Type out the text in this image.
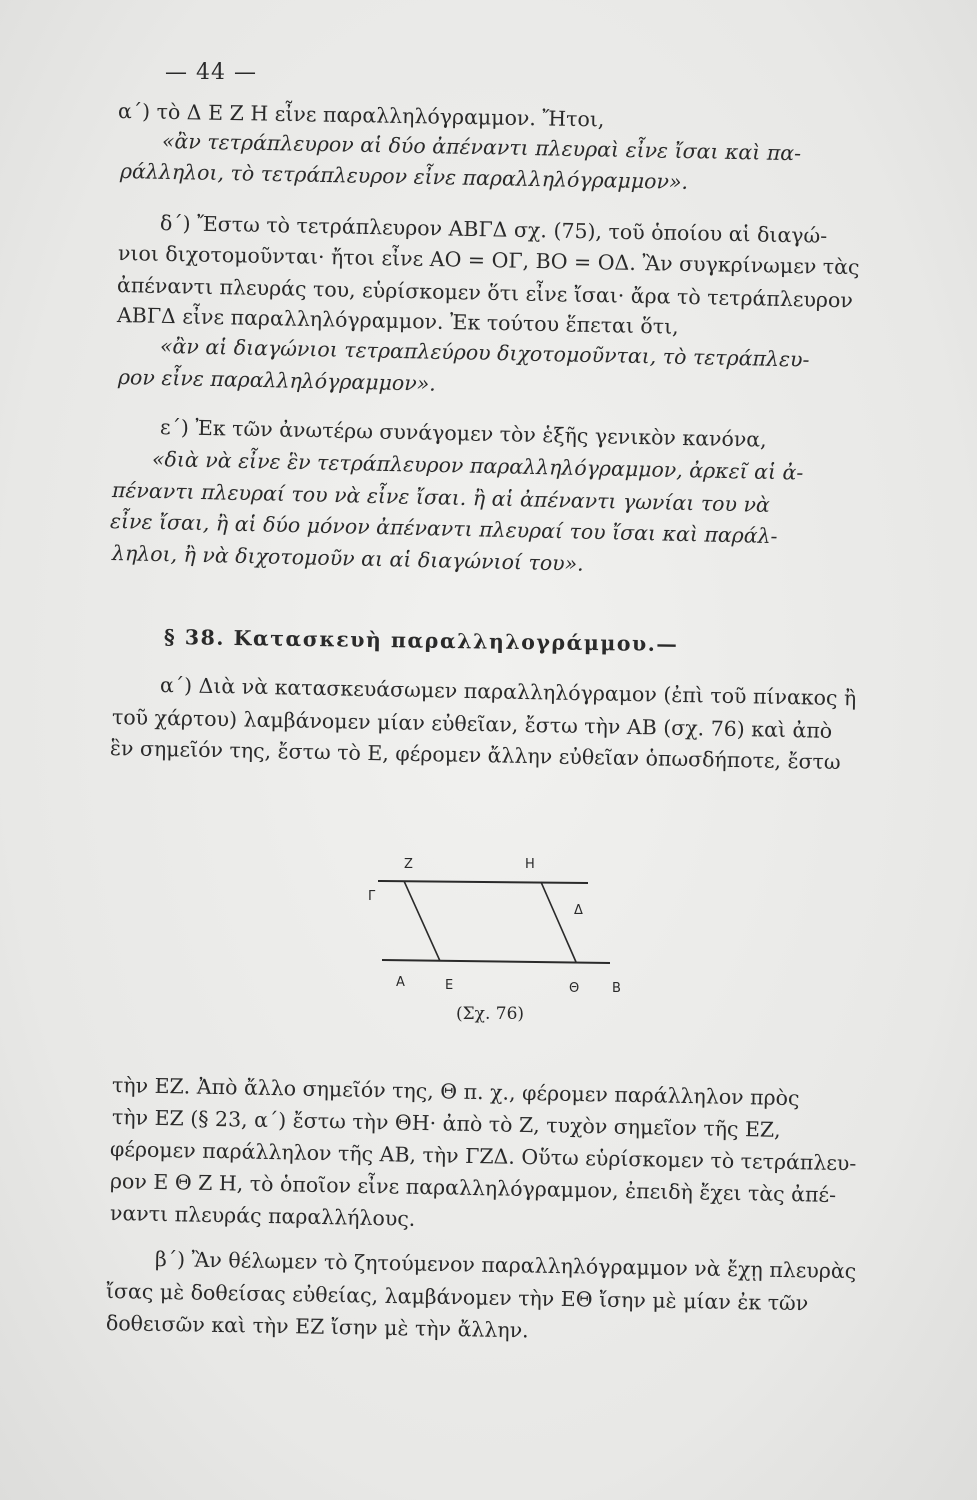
— 44 —
α΄) τὸ Δ Ε Ζ Η εἶνε παραλληλόγραμμον. Ἤτοι,
«ἂν τετράπλευρον αἱ δύο ἀπέναντι πλευραὶ εἶνε ἴσαι καὶ πα-
ράλληλοι, τὸ τετράπλευρον εἶνε παραλληλόγραμμον».
δ΄) Ἔστω τὸ τετράπλευρον ΑΒΓΔ σχ. (75), τοῦ ὁποίου αἱ διαγώ-
νιοι διχοτομοῦνται· ἤτοι εἶνε ΑΟ = ΟΓ, ΒΟ = ΟΔ. Ἂν συγκρίνωμεν τὰς
ἀπέναντι πλευράς του, εὑρίσκομεν ὅτι εἶνε ἴσαι· ἄρα τὸ τετράπλευρον
ΑΒΓΔ εἶνε παραλληλόγραμμον. Ἐκ τούτου ἕπεται ὅτι,
«ἂν αἱ διαγώνιοι τετραπλεύρου διχοτομοῦνται, τὸ τετράπλευ-
ρον εἶνε παραλληλόγραμμον».
ε΄) Ἐκ τῶν ἀνωτέρω συνάγομεν τὸν ἑξῆς γενικὸν κανόνα,
«διὰ νὰ εἶνε ἓν τετράπλευρον παραλληλόγραμμον, ἀρκεῖ αἱ ἀ-
πέναντι πλευραί του νὰ εἶνε ἴσαι. ἢ αἱ ἀπέναντι γωνίαι του νὰ
εἶνε ἴσαι, ἢ αἱ δύο μόνον ἀπέναντι πλευραί του ἴσαι καὶ παράλ-
ληλοι, ἢ νὰ διχοτομοῦν αι αἱ διαγώνιοί του».
§ 38. Κατασκευὴ παραλληλογράμμου.—
α΄) Διὰ νὰ κατασκευάσωμεν παραλληλόγραμον (ἐπὶ τοῦ πίνακος ἢ
τοῦ χάρτου) λαμβάνομεν μίαν εὐθεῖαν, ἔστω τὴν ΑΒ (σχ. 76) καὶ ἀπὸ
ἓν σημεῖόν της, ἔστω τὸ Ε, φέρομεν ἄλλην εὐθεῖαν ὁπωσδήποτε, ἔστω
Z	H
Γ
Δ
A	E	Θ	B
(Σχ. 76)
τὴν ΕΖ. Ἀπὸ ἄλλο σημεῖόν της, Θ π. χ., φέρομεν παράλληλον πρὸς
τὴν ΕΖ (§ 23, α΄) ἔστω τὴν ΘΗ· ἀπὸ τὸ Ζ, τυχὸν σημεῖον τῆς ΕΖ,
φέρομεν παράλληλον τῆς ΑΒ, τὴν ΓΖΔ. Οὕτω εὑρίσκομεν τὸ τετράπλευ-
ρον Ε Θ Ζ Η, τὸ ὁποῖον εἶνε παραλληλόγραμμον, ἐπειδὴ ἔχει τὰς ἀπέ-
ναντι πλευράς παραλλήλους.
β΄) Ἂν θέλωμεν τὸ ζητούμενον παραλληλόγραμμον νὰ ἔχῃ πλευρὰς
ἴσας μὲ δοθείσας εὐθείας, λαμβάνομεν τὴν ΕΘ ἴσην μὲ μίαν ἐκ τῶν
δοθεισῶν καὶ τὴν ΕΖ ἴσην μὲ τὴν ἄλλην.
